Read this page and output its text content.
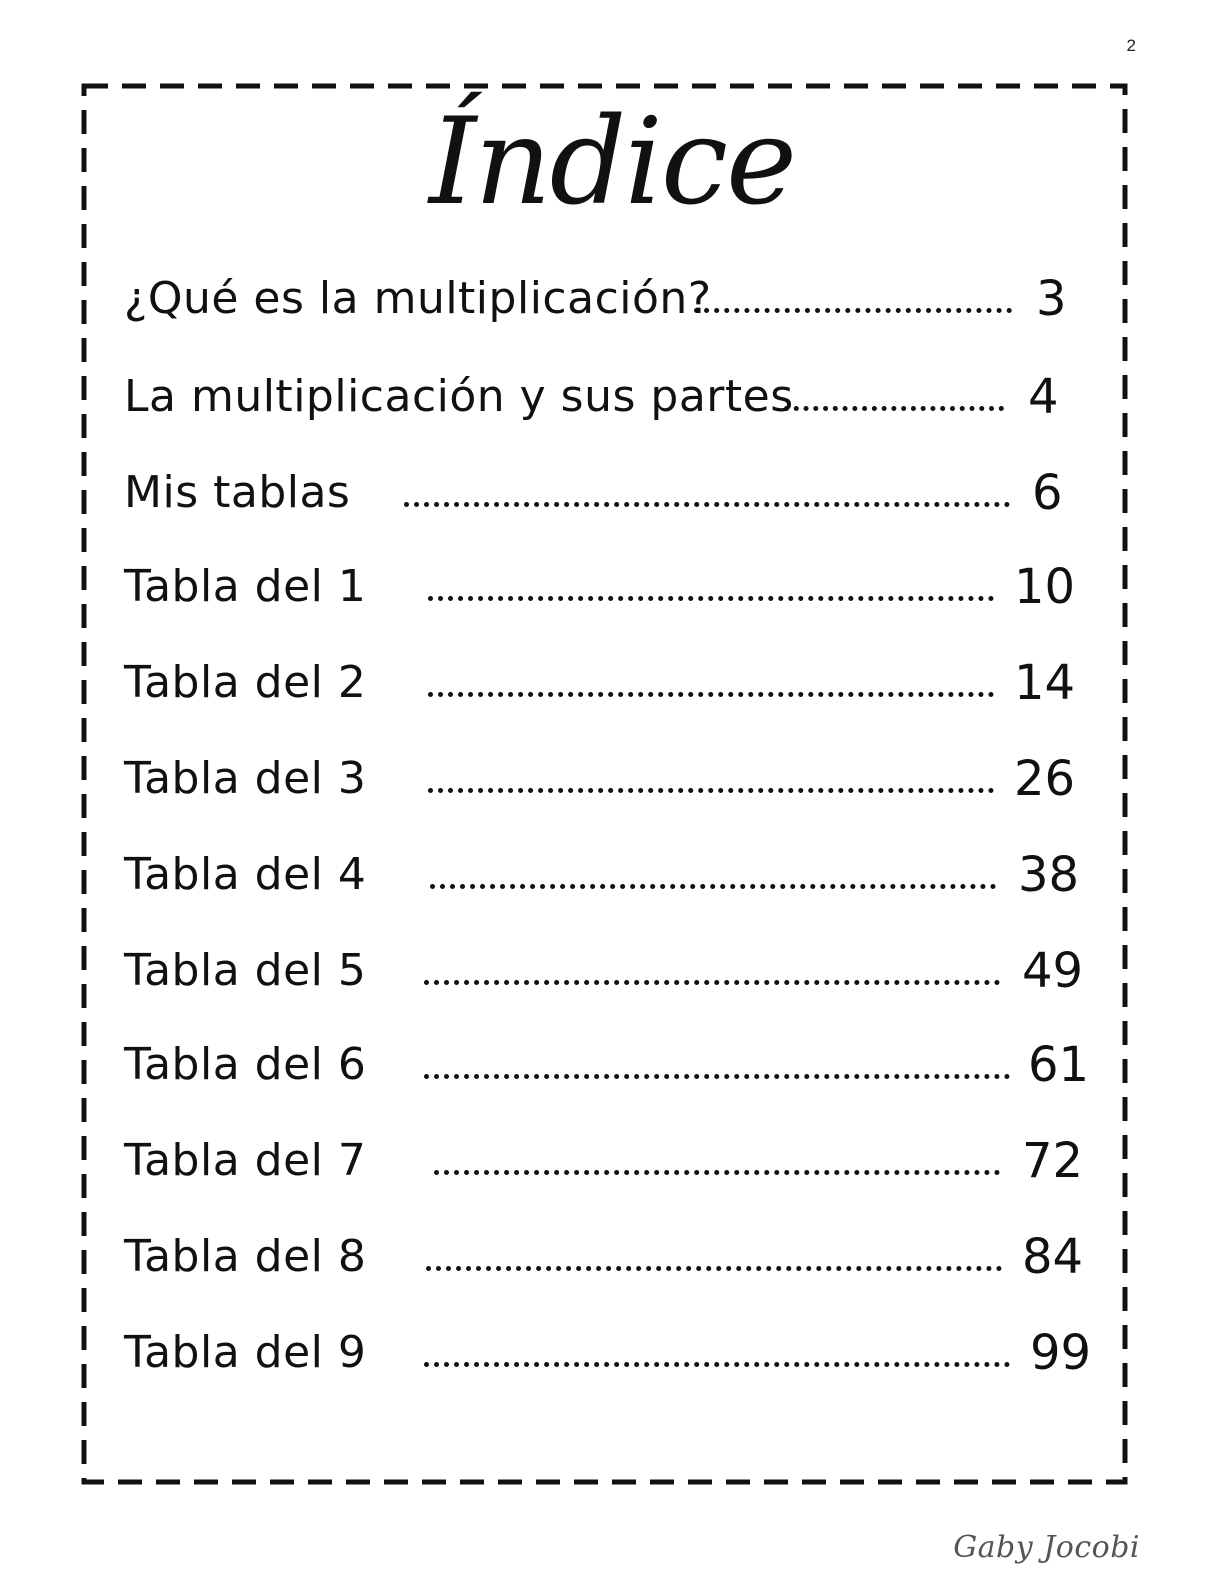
2
Índice
¿Qué es la multiplicación?	3
La multiplicación y sus partes	4
Mis tablas	6
Tabla del 1	10
Tabla del 2	14
Tabla del 3	26
Tabla del 4	38
Tabla del 5	49
Tabla del 6	61
Tabla del 7	72
Tabla del 8	84
Tabla del 9	99
Gaby Jocobi
